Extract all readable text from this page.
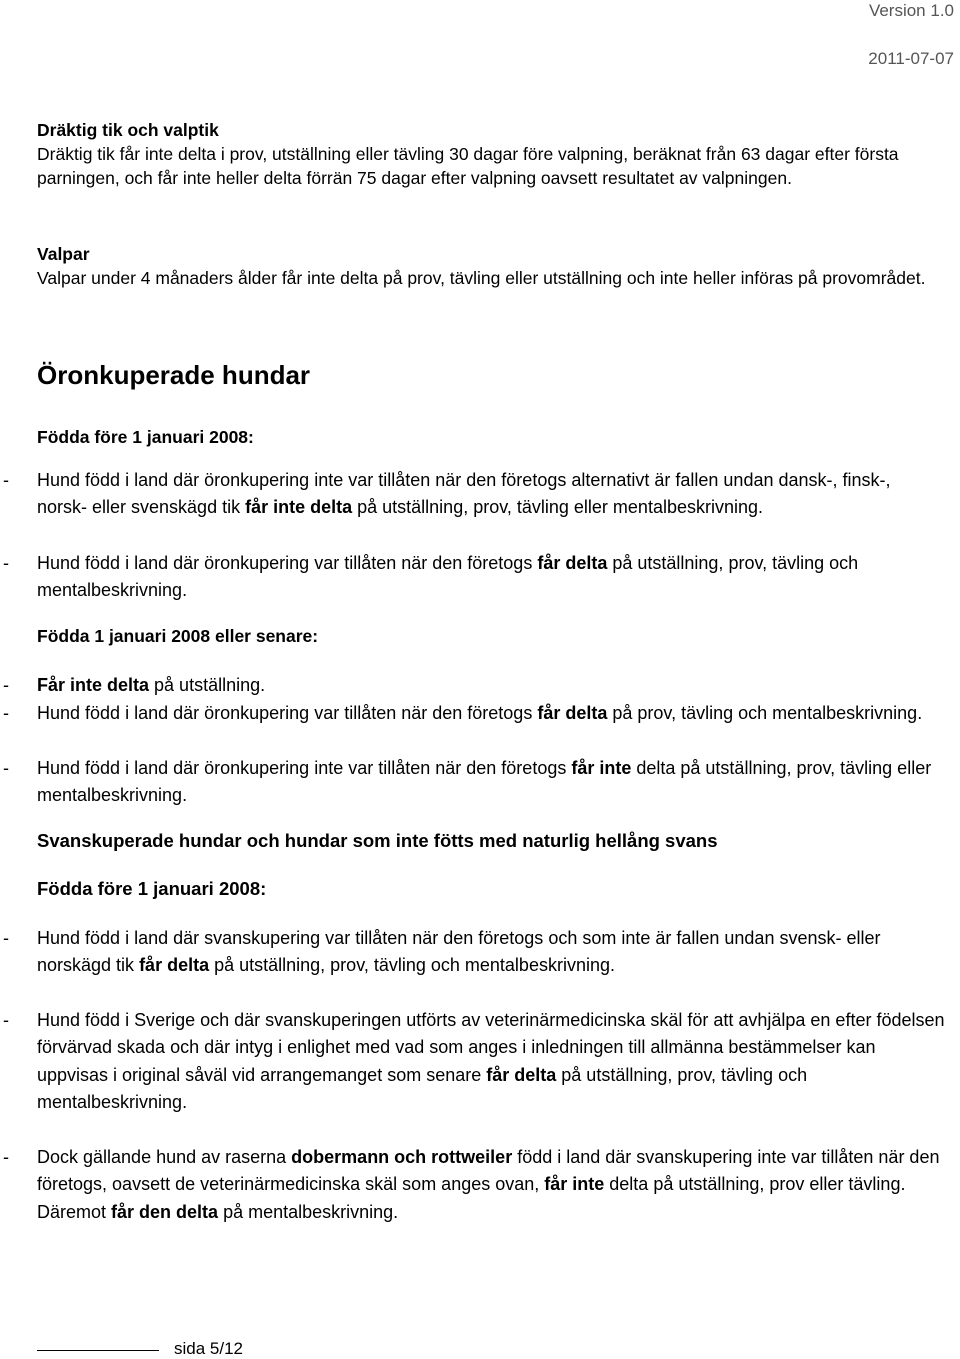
Version 1.0
2011-07-07
Dräktig tik och valptik
Dräktig tik får inte delta i prov, utställning eller tävling 30 dagar före valpning, beräknat från 63 dagar efter första parningen, och får inte heller delta förrän 75 dagar efter valpning oavsett resultatet av valpningen.
Valpar
Valpar under 4 månaders ålder får inte delta på prov, tävling eller utställning och inte heller införas på provområdet.
Öronkuperade hundar
Födda före 1 januari 2008:
- Hund född i land där öronkupering inte var tillåten när den företogs alternativt är fallen undan dansk-, finsk-, norsk- eller svenskägd tik får inte delta på utställning, prov, tävling eller mentalbeskrivning.
- Hund född i land där öronkupering var tillåten när den företogs får delta på utställning, prov, tävling och mentalbeskrivning.
Födda 1 januari 2008 eller senare:
- Får inte delta på utställning.
- Hund född i land där öronkupering var tillåten när den företogs får delta på prov, tävling och mentalbeskrivning.
- Hund född i land där öronkupering inte var tillåten när den företogs får inte delta på utställning, prov, tävling eller mentalbeskrivning.
Svanskuperade hundar och hundar som inte fötts med naturlig hellång svans
Födda före 1 januari 2008:
- Hund född i land där svanskupering var tillåten när den företogs och som inte är fallen undan svensk- eller norskägd tik får delta på utställning, prov, tävling och mentalbeskrivning.
- Hund född i Sverige och där svanskuperingen utförts av veterinärmedicinska skäl för att avhjälpa en efter födelsen förvärvad skada och där intyg i enlighet med vad som anges i inledningen till allmänna bestämmelser kan uppvisas i original såväl vid arrangemanget som senare får delta på utställning, prov, tävling och mentalbeskrivning.
- Dock gällande hund av raserna dobermann och rottweiler född i land där svanskupering inte var tillåten när den företogs, oavsett de veterinärmedicinska skäl som anges ovan, får inte delta på utställning, prov eller tävling. Däremot får den delta på mentalbeskrivning.
sida 5/12
